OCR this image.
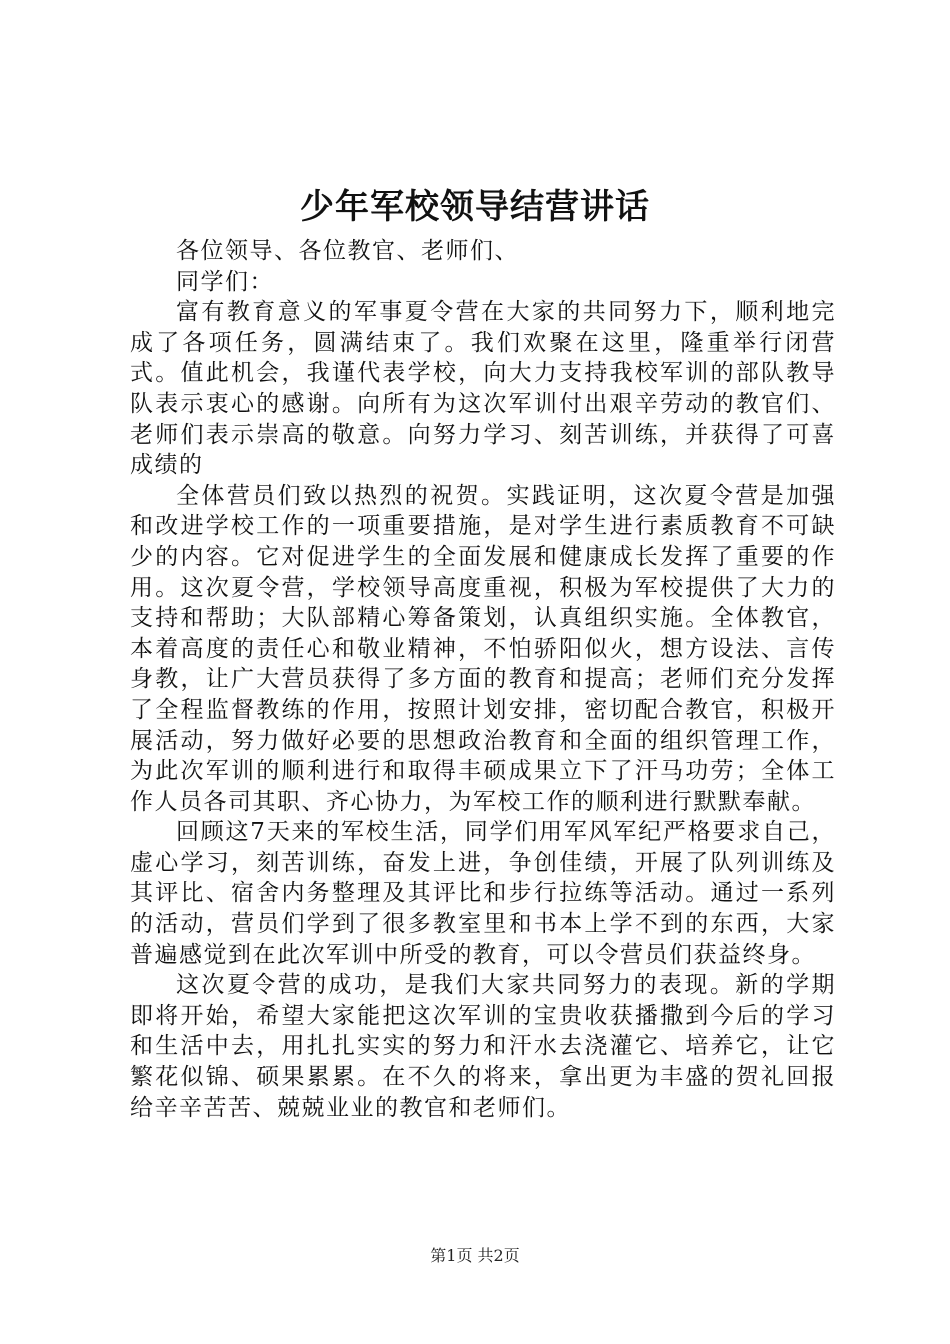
少年军校领导结营讲话

各位领导、各位教官、老师们、

同学们：

富有教育意义的军事夏令营在大家的共同努力下，顺利地完成了各项任务，圆满结束了。我们欢聚在这里，隆重举行闭营式。值此机会，我谨代表学校，向大力支持我校军训的部队教导队表示衷心的感谢。向所有为这次军训付出艰辛劳动的教官们、老师们表示崇高的敬意。向努力学习、刻苦训练，并获得了可喜成绩的

全体营员们致以热烈的祝贺。实践证明，这次夏令营是加强和改进学校工作的一项重要措施，是对学生进行素质教育不可缺少的内容。它对促进学生的全面发展和健康成长发挥了重要的作用。这次夏令营，学校领导高度重视，积极为军校提供了大力的支持和帮助；大队部精心筹备策划，认真组织实施。全体教官，本着高度的责任心和敬业精神，不怕骄阳似火，想方设法、言传身教，让广大营员获得了多方面的教育和提高；老师们充分发挥了全程监督教练的作用，按照计划安排，密切配合教官，积极开展活动，努力做好必要的思想政治教育和全面的组织管理工作，为此次军训的顺利进行和取得丰硕成果立下了汗马功劳；全体工作人员各司其职、齐心协力，为军校工作的顺利进行默默奉献。

回顾这7天来的军校生活，同学们用军风军纪严格要求自己，虚心学习，刻苦训练，奋发上进，争创佳绩，开展了队列训练及其评比、宿舍内务整理及其评比和步行拉练等活动。通过一系列的活动，营员们学到了很多教室里和书本上学不到的东西，大家普遍感觉到在此次军训中所受的教育，可以令营员们获益终身。

这次夏令营的成功，是我们大家共同努力的表现。新的学期即将开始，希望大家能把这次军训的宝贵收获播撒到今后的学习和生活中去，用扎扎实实的努力和汗水去浇灌它、培养它，让它繁花似锦、硕果累累。在不久的将来，拿出更为丰盛的贺礼回报给辛辛苦苦、兢兢业业的教官和老师们。

第1页 共2页
